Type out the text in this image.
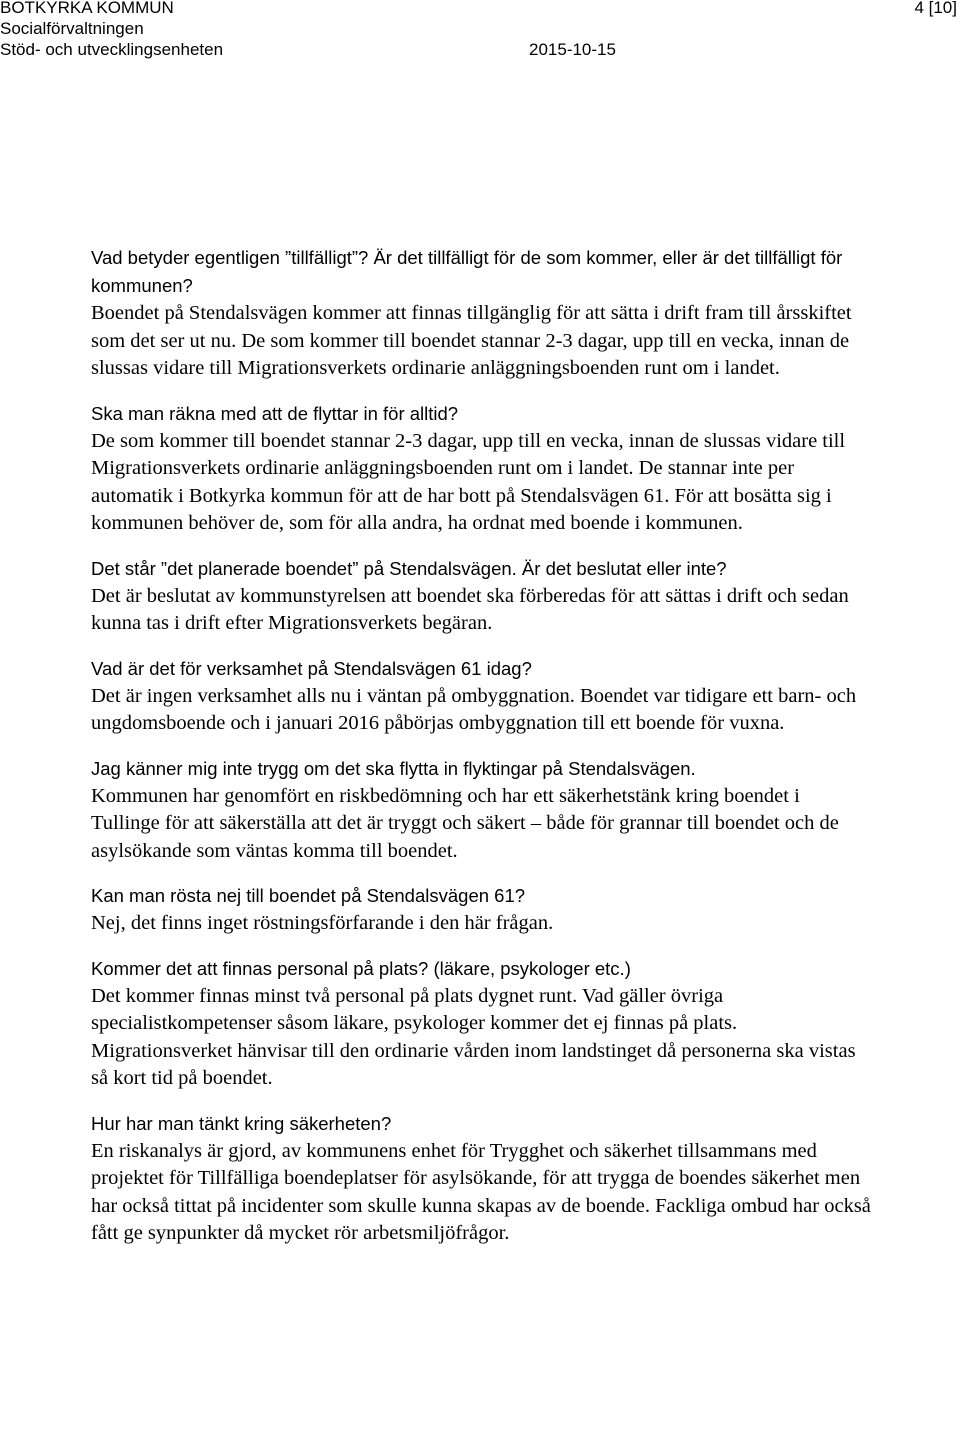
BOTKYRKA KOMMUN
Socialförvaltningen
Stöd- och utvecklingsenheten	2015-10-15
4 [10]

Vad betyder egentligen ”tillfälligt”? Är det tillfälligt för de som kommer, eller är det tillfälligt för kommunen?

Boendet på Stendalsvägen kommer att finnas tillgänglig för att sätta i drift fram till årsskiftet som det ser ut nu. De som kommer till boendet stannar 2-3 dagar, upp till en vecka, innan de slussas vidare till Migrationsverkets ordinarie anläggningsboenden runt om i landet.

Ska man räkna med att de flyttar in för alltid?

De som kommer till boendet stannar 2-3 dagar, upp till en vecka, innan de slussas vidare till Migrationsverkets ordinarie anläggningsboenden runt om i landet. De stannar inte per automatik i Botkyrka kommun för att de har bott på Stendalsvägen 61. För att bosätta sig i kommunen behöver de, som för alla andra, ha ordnat med boende i kommunen.

Det står ”det planerade boendet” på Stendalsvägen. Är det beslutat eller inte?

Det är beslutat av kommunstyrelsen att boendet ska förberedas för att sättas i drift och sedan kunna tas i drift efter Migrationsverkets begäran.

Vad är det för verksamhet på Stendalsvägen 61 idag?

Det är ingen verksamhet alls nu i väntan på ombyggnation. Boendet var tidigare ett barn- och ungdomsboende och i januari 2016 påbörjas ombyggnation till ett boende för vuxna.

Jag känner mig inte trygg om det ska flytta in flyktingar på Stendalsvägen.

Kommunen har genomfört en riskbedömning och har ett säkerhetstänk kring boendet i Tullinge för att säkerställa att det är tryggt och säkert – både för grannar till boendet och de asylsökande som väntas komma till boendet.

Kan man rösta nej till boendet på Stendalsvägen 61?

Nej, det finns inget röstningsförfarande i den här frågan.

Kommer det att finnas personal på plats? (läkare, psykologer etc.)

Det kommer finnas minst två personal på plats dygnet runt. Vad gäller övriga specialistkompetenser såsom läkare, psykologer kommer det ej finnas på plats. Migrationsverket hänvisar till den ordinarie vården inom landstinget då personerna ska vistas så kort tid på boendet.

Hur har man tänkt kring säkerheten?

En riskanalys är gjord, av kommunens enhet för Trygghet och säkerhet tillsammans med projektet för Tillfälliga boendeplatser för asylsökande, för att trygga de boendes säkerhet men har också tittat på incidenter som skulle kunna skapas av de boende. Fackliga ombud har också fått ge synpunkter då mycket rör arbetsmiljöfrågor.
